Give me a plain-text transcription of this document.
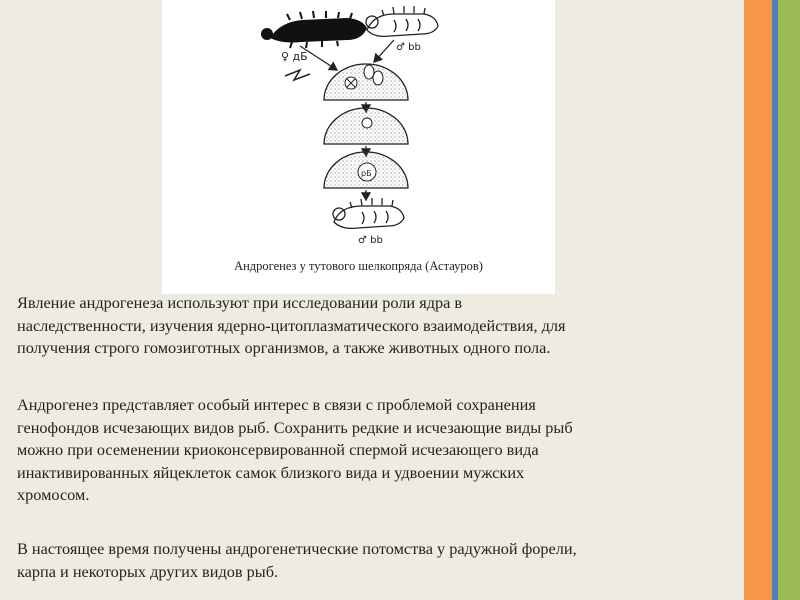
♀ дБ
♂ bb
рБ
♂ bb
Андрогенез у тутового шелкопряда (Астауров)
Явление андрогенеза используют при исследовании роли ядра в
наследственности, изучения ядерно-цитоплазматического взаимодействия, для
получения строго гомозиготных организмов, а также животных одного пола.
Андрогенез представляет особый интерес в связи с проблемой сохранения
генофондов исчезающих видов рыб. Сохранить редкие и исчезающие виды рыб
можно при осеменении криоконсервированной спермой исчезающего вида
инактивированных яйцеклеток самок близкого вида и удвоении мужских
хромосом.
В настоящее время получены андрогенетические потомства у радужной форели,
карпа и некоторых других видов рыб.
